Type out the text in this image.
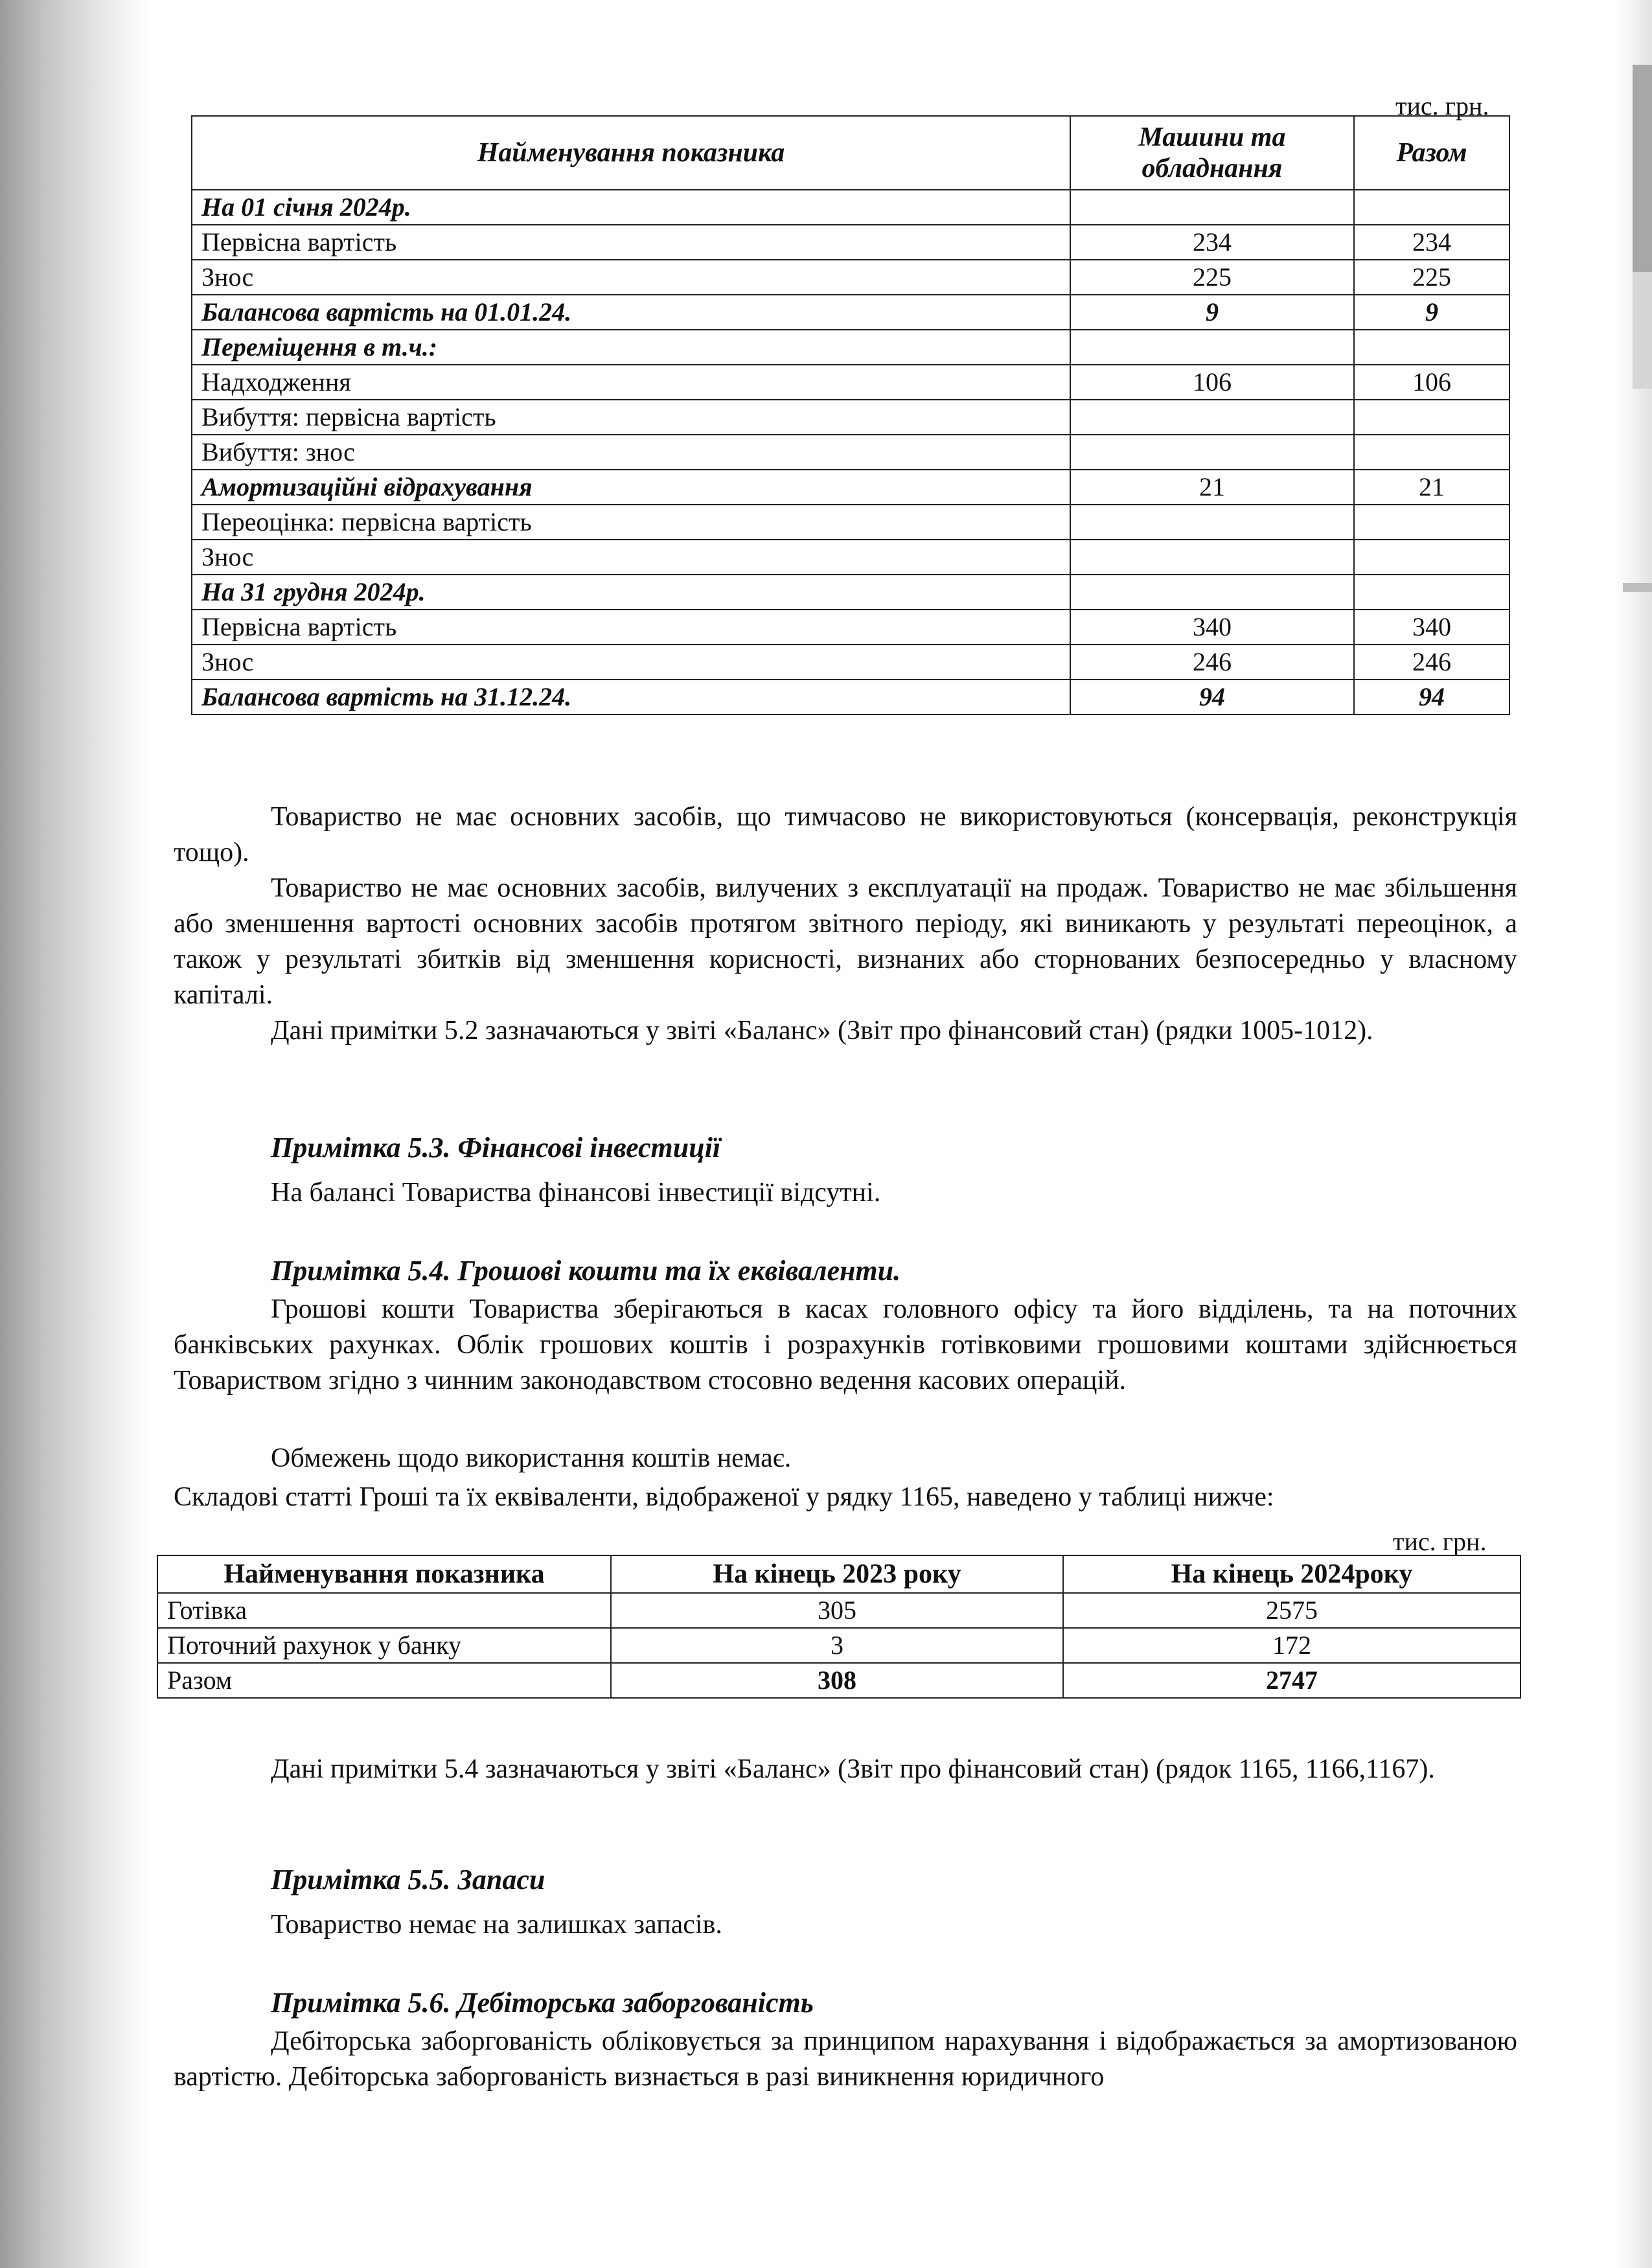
тис. грн.
Найменування показника	Машини та обладнання	Разом
На 01 січня 2024р.		
Первісна вартість	234	234
Знос	225	225
Балансова вартість на 01.01.24.	9	9
Переміщення в т.ч.:		
Надходження	106	106
Вибуття: первісна вартість		
Вибуття: знос		
Амортизаційні відрахування	21	21
Переоцінка: первісна вартість		
Знос		
На 31 грудня 2024р.		
Первісна вартість	340	340
Знос	246	246
Балансова вартість на 31.12.24.	94	94

Товариство не має основних засобів, що тимчасово не використовуються (консервація, реконструкція тощо).

Товариство не має основних засобів, вилучених з експлуатації на продаж. Товариство не має збільшення або зменшення вартості основних засобів протягом звітного періоду, які виникають у результаті переоцінок, а також у результаті збитків від зменшення корисності, визнаних або сторнованих безпосередньо у власному капіталі.

Дані примітки 5.2 зазначаються у звіті «Баланс» (Звіт про фінансовий стан) (рядки 1005-1012).

Примітка 5.3. Фінансові інвестиції

На балансі Товариства фінансові інвестиції відсутні.

Примітка 5.4. Грошові кошти та їх еквіваленти.

Грошові кошти Товариства зберігаються в касах головного офісу та його відділень, та на поточних банківських рахунках. Облік грошових коштів і розрахунків готівковими грошовими коштами здійснюється Товариством згідно з чинним законодавством стосовно ведення касових операцій.

Обмежень щодо використання коштів немає.

Складові статті Гроші та їх еквіваленти, відображеної у рядку 1165, наведено у таблиці нижче:

тис. грн.
Найменування показника	На кінець 2023 року	На кінець 2024року
Готівка	305	2575
Поточний рахунок у банку	3	172
Разом	308	2747

Дані примітки 5.4 зазначаються у звіті «Баланс» (Звіт про фінансовий стан) (рядок 1165, 1166,1167).

Примітка 5.5. Запаси

Товариство немає на залишках запасів.

Примітка 5.6. Дебіторська заборгованість

Дебіторська заборгованість обліковується за принципом нарахування і відображається за амортизованою вартістю. Дебіторська заборгованість визнається в разі виникнення юридичного
